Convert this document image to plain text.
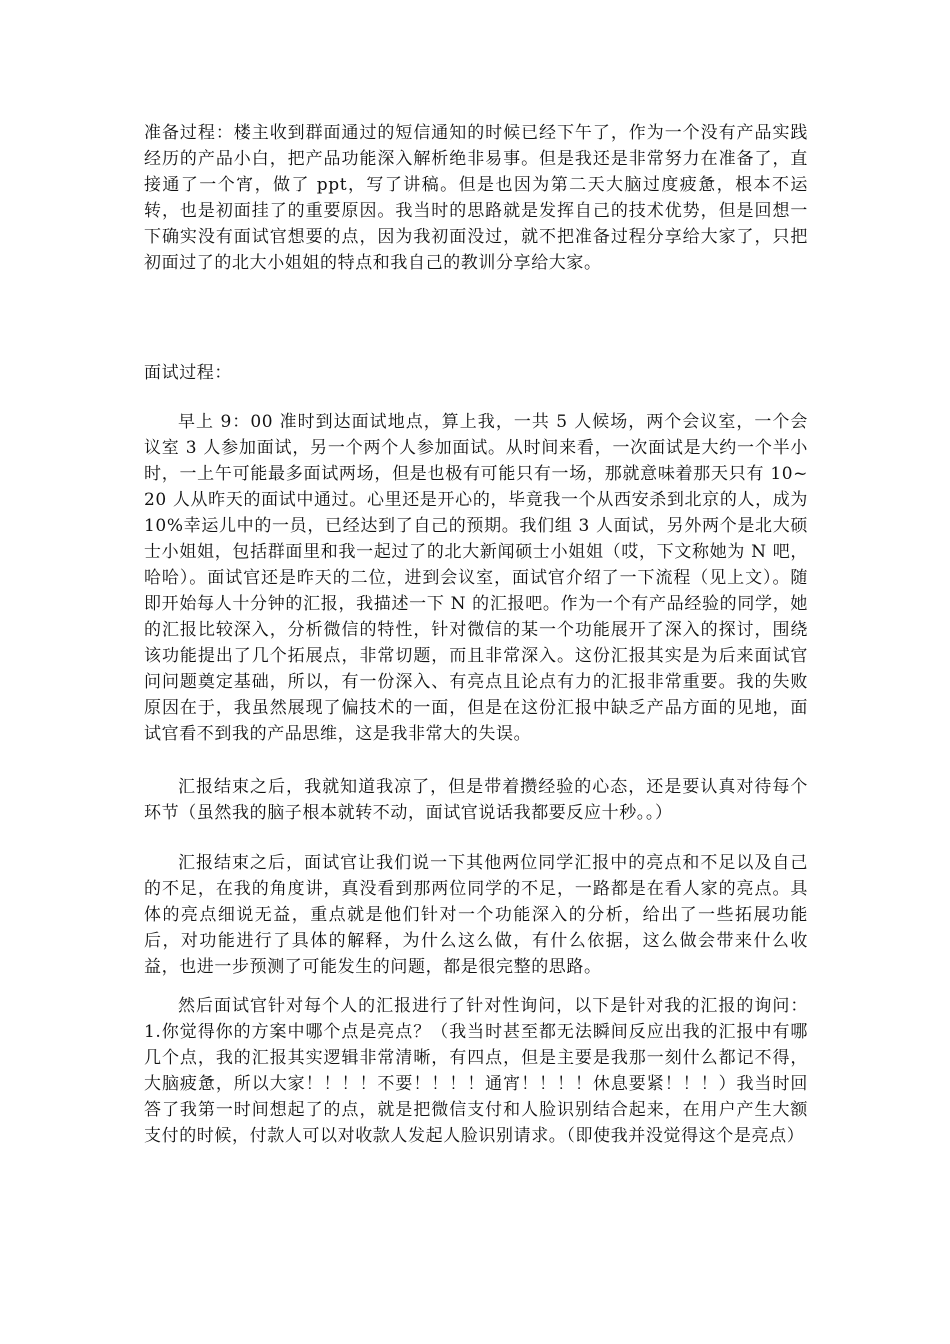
准备过程：楼主收到群面通过的短信通知的时候已经下午了，作为一个没有产品实践经历的产品小白，把产品功能深入解析绝非易事。但是我还是非常努力在准备了，直接通了一个宵，做了 ppt，写了讲稿。但是也因为第二天大脑过度疲惫，根本不运转，也是初面挂了的重要原因。我当时的思路就是发挥自己的技术优势，但是回想一下确实没有面试官想要的点，因为我初面没过，就不把准备过程分享给大家了，只把初面过了的北大小姐姐的特点和我自己的教训分享给大家。

面试过程：

早上 9：00 准时到达面试地点，算上我，一共 5 人候场，两个会议室，一个会议室 3 人参加面试，另一个两个人参加面试。从时间来看，一次面试是大约一个半小时，一上午可能最多面试两场，但是也极有可能只有一场，那就意味着那天只有 10~20 人从昨天的面试中通过。心里还是开心的，毕竟我一个从西安杀到北京的人，成为 10%幸运儿中的一员，已经达到了自己的预期。我们组 3 人面试，另外两个是北大硕士小姐姐，包括群面里和我一起过了的北大新闻硕士小姐姐（哎，下文称她为 N 吧，哈哈）。面试官还是昨天的二位，进到会议室，面试官介绍了一下流程（见上文）。随即开始每人十分钟的汇报，我描述一下 N 的汇报吧。作为一个有产品经验的同学，她的汇报比较深入，分析微信的特性，针对微信的某一个功能展开了深入的探讨，围绕该功能提出了几个拓展点，非常切题，而且非常深入。这份汇报其实是为后来面试官问问题奠定基础，所以，有一份深入、有亮点且论点有力的汇报非常重要。我的失败原因在于，我虽然展现了偏技术的一面，但是在这份汇报中缺乏产品方面的见地，面试官看不到我的产品思维，这是我非常大的失误。

汇报结束之后，我就知道我凉了，但是带着攒经验的心态，还是要认真对待每个环节（虽然我的脑子根本就转不动，面试官说话我都要反应十秒。。）

汇报结束之后，面试官让我们说一下其他两位同学汇报中的亮点和不足以及自己的不足，在我的角度讲，真没看到那两位同学的不足，一路都是在看人家的亮点。具体的亮点细说无益，重点就是他们针对一个功能深入的分析，给出了一些拓展功能后，对功能进行了具体的解释，为什么这么做，有什么依据，这么做会带来什么收益，也进一步预测了可能发生的问题，都是很完整的思路。

然后面试官针对每个人的汇报进行了针对性询问，以下是针对我的汇报的询问：1.你觉得你的方案中哪个点是亮点？（我当时甚至都无法瞬间反应出我的汇报中有哪几个点，我的汇报其实逻辑非常清晰，有四点，但是主要是我那一刻什么都记不得，大脑疲惫，所以大家！！！！不要！！！！通宵！！！！休息要紧！！！）我当时回答了我第一时间想起了的点，就是把微信支付和人脸识别结合起来，在用户产生大额支付的时候，付款人可以对收款人发起人脸识别请求。（即使我并没觉得这个是亮点）
